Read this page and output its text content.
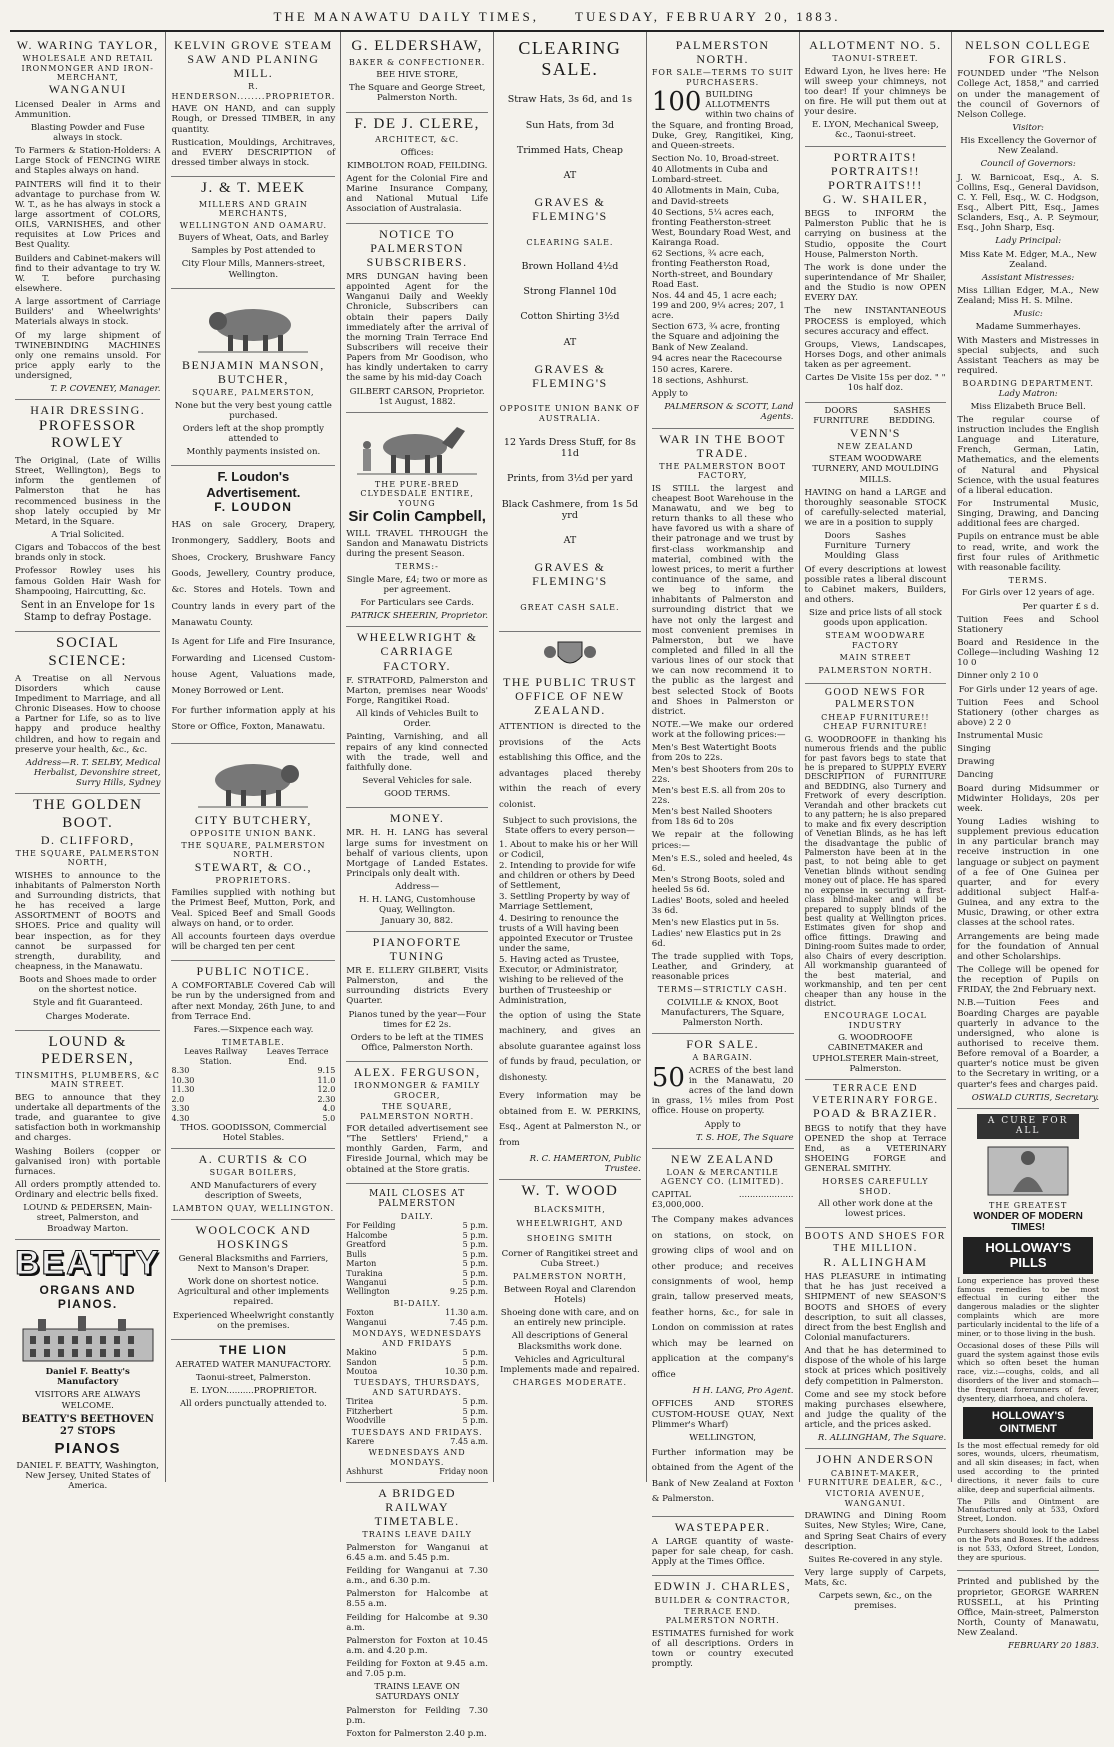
THE MANAWATU DAILY TIMES,	TUESDAY, FEBRUARY 20, 1883.
W. WARING TAYLOR,
WHOLESALE AND RETAIL IRONMONGER AND IRON-MERCHANT,
WANGANUI

Licensed Dealer in Arms and Ammunition.

Blasting Powder and Fuse always in stock.

To Farmers & Station-Holders: A Large Stock of FENCING WIRE and Staples always on hand.

PAINTERS will find it to their advantage to purchase from W. W. T., as he has always in stock a large assortment of COLORS, OILS, VARNISHES, and other requisites at Low Prices and Best Quality.

Builders and Cabinet-makers will find to their advantage to try W. W. T. before purchasing elsewhere.

A large assortment of Carriage Builders' and Wheelwrights' Materials always in stock.

Of my large shipment of TWINEBINDING MACHINES only one remains unsold. For price apply early to the undersigned,

T. P. COVENEY, Manager.
HAIR DRESSING.
PROFESSOR ROWLEY

The Original, (Late of Willis Street, Wellington), Begs to inform the gentlemen of Palmerston that he has recommenced business in the shop lately occupied by Mr Metard, in the Square.

A Trial Solicited.

Cigars and Tobaccos of the best brands only in stock.

Professor Rowley uses his famous Golden Hair Wash for Shampooing, Haircutting, &c.

Sent in an Envelope for 1s Stamp to defray Postage.

SOCIAL SCIENCE:

A Treatise on all Nervous Disorders which cause Impediment to Marriage, and all Chronic Diseases. How to choose a Partner for Life, so as to live happy and produce healthy children, and how to regain and preserve your health, &c., &c.

Address—R. T. SELBY, Medical Herbalist, Devonshire street, Surry Hills, Sydney
THE GOLDEN BOOT.
D. CLIFFORD,
THE SQUARE, PALMERSTON NORTH,

WISHES to announce to the inhabitants of Palmerston North and Surrounding districts, that he has received a large ASSORTMENT of BOOTS and SHOES. Price and quality will bear inspection, as for they cannot be surpassed for strength, durability, and cheapness, in the Manawatu.

Boots and Shoes made to order on the shortest notice.

Style and fit Guaranteed.

Charges Moderate.

LOUND & PEDERSEN,
TINSMITHS, PLUMBERS, &C MAIN STREET.

BEG to announce that they undertake all departments of the trade, and guarantee to give satisfaction both in workmanship and charges.

Washing Boilers (copper or galvanised iron) with portable furnaces.

All orders promptly attended to. Ordinary and electric bells fixed.

LOUND & PEDERSEN, Main-street, Palmerston, and Broadway Marton.
BEATTY
ORGANS AND PIANOS.

Daniel F. Beatty's Manufactory

VISITORS ARE ALWAYS WELCOME.

BEATTY'S BEETHOVEN 27 STOPS

PIANOS

DANIEL F. BEATTY, Washington, New Jersey, United States of America.

KELVIN GROVE STEAM SAW AND PLANING MILL.
R. HENDERSON........PROPRIETOR.

HAVE ON HAND, and can supply Rough, or Dressed TIMBER, in any quantity.

Rustication, Mouldings, Architraves, and EVERY DESCRIPTION of dressed timber always in stock.

J. & T. MEEK
MILLERS AND GRAIN MERCHANTS,
WELLINGTON AND OAMARU.

Buyers of Wheat, Oats, and Barley

Samples by Post attended to

City Flour Mills, Manners-street, Wellington.

BENJAMIN MANSON,
BUTCHER,
SQUARE, PALMERSTON,

None but the very best young cattle purchased.

Orders left at the shop promptly attended to

Monthly payments insisted on.

F. Loudon's Advertisement.
F. LOUDON

HAS on sale Grocery, Drapery, Ironmongery, Saddlery, Boots and Shoes, Crockery, Brushware Fancy Goods, Jewellery, Country produce, &c. Stores and Hotels. Town and Country lands in every part of the Manawatu County.

Is Agent for Life and Fire Insurance, Forwarding and Licensed Custom-house Agent, Valuations made, Money Borrowed or Lent.

For further information apply at his Store or Office, Foxton, Manawatu.

CITY BUTCHERY,
OPPOSITE UNION BANK.
THE SQUARE, PALMERSTON NORTH.
STEWART, & CO.,
PROPRIETORS.

Families supplied with nothing but the Primest Beef, Mutton, Pork, and Veal. Spiced Beef and Small Goods always on hand, or to order.

All accounts fourteen days overdue will be charged ten per cent

PUBLIC NOTICE.

A COMFORTABLE Covered Cab will be run by the undersigned from and after next Monday, 26th June, to and from Terrace End.

Fares.—Sixpence each way.

TIMETABLE.
Leaves Railway Station.
Leaves Terrace End.
8.30	9.15
10.30	11.0
11.30	12.0
2.0	2.30
3.30	4.0
4.30	5.0
THOS. GOODISSON, Commercial Hotel Stables.
A. CURTIS & CO
SUGAR BOILERS,

AND Manufacturers of every description of Sweets,

LAMBTON QUAY, WELLINGTON.
WOOLCOCK AND HOSKINGS

General Blacksmiths and Farriers, Next to Manson's Draper.

Work done on shortest notice. Agricultural and other implements repaired.

Experienced Wheelwright constantly on the premises.

THE LION

AERATED WATER MANUFACTORY.

Taonui-street, Palmerston.

E. LYON..........PROPRIETOR.

All orders punctually attended to.

G. ELDERSHAW,
BAKER & CONFECTIONER.

BEE HIVE STORE,

The Square and George Street, Palmerston North.

F. DE J. CLERE,
ARCHITECT, &C.

Offices:

KIMBOLTON ROAD, FEILDING.

Agent for the Colonial Fire and Marine Insurance Company, and National Mutual Life Association of Australasia.

NOTICE TO PALMERSTON SUBSCRIBERS.

MRS DUNGAN having been appointed Agent for the Wanganui Daily and Weekly Chronicle, Subscribers can obtain their papers Daily immediately after the arrival of the morning Train Terrace End Subscribers will receive their Papers from Mr Goodison, who has kindly undertaken to carry the same by his mid-day Coach

GILBERT CARSON, Proprietor.
1st August, 1882.
THE PURE-BRED CLYDESDALE ENTIRE, YOUNG
Sir Colin Campbell,

WILL TRAVEL THROUGH the Sandon and Manawatu Districts during the present Season.

TERMS:-

Single Mare, £4; two or more as per agreement.

For Particulars see Cards.

PATRICK SHEERIN, Proprietor.
WHEELWRIGHT & CARRIAGE FACTORY.

F. STRATFORD, Palmerston and Marton, premises near Woods' Forge, Rangitikei Road.

All kinds of Vehicles Built to Order.

Painting, Varnishing, and all repairs of any kind connected with the trade, well and faithfully done.

Several Vehicles for sale.

GOOD TERMS.

MONEY.

MR. H. H. LANG has several large sums for investment on behalf of various clients, upon Mortgage of Landed Estates. Principals only dealt with.

Address—

H. H. LANG, Customhouse Quay, Wellington.
January 30, 882.
PIANOFORTE TUNING

MR E. ELLERY GILBERT, Visits Palmerston, and the surrounding districts Every Quarter.

Pianos tuned by the year—Four times for £2 2s.

Orders to be left at the TIMES Office, Palmerston North.

ALEX. FERGUSON,
IRONMONGER & FAMILY GROCER,
THE SQUARE, PALMERSTON NORTH.

FOR detailed advertisement see "The Settlers' Friend," a monthly Garden, Farm, and Fireside Journal, which may be obtained at the Store gratis.

MAIL CLOSES AT PALMERSTON
DAILY.
For Feilding	5 p.m.
Halcombe	5 p.m.
Greatford	5 p.m.
Bulls	5 p.m.
Marton	5 p.m.
Turakina	5 p.m.
Wanganui	5 p.m.
Wellington	9.25 p.m.
BI-DAILY.
Foxton	11.30 a.m.
Wanganui	7.45 p.m.
MONDAYS, WEDNESDAYS AND FRIDAYS
Makino	5 p.m.
Sandon	5 p.m.
Moutoa	10.30 p.m.
TUESDAYS, THURSDAYS, AND SATURDAYS.
Tiritea	5 p.m.
Fitzherbert	5 p.m.
Woodville	5 p.m.
TUESDAYS AND FRIDAYS.
Karere	7.45 a.m.
WEDNESDAYS AND MONDAYS.
Ashhurst	Friday noon
A BRIDGED RAILWAY TIMETABLE.
TRAINS LEAVE DAILY

Palmerston for Wanganui at 6.45 a.m. and 5.45 p.m.

Feilding for Wanganui at 7.30 a.m., and 6.30 p.m.

Palmerston for Halcombe at 8.55 a.m.

Feilding for Halcombe at 9.30 a.m.

Palmerston for Foxton at 10.45 a.m. and 4.20 p.m.

Feilding for Foxton at 9.45 a.m. and 7.05 p.m.

TRAINS LEAVE ON SATURDAYS ONLY

Palmerston for Feilding 7.30 p.m.

Foxton for Palmerston 2.40 p.m.

CLEARING SALE.

Straw Hats, 3s 6d, and 1s

Sun Hats, from 3d

Trimmed Hats, Cheap

AT

GRAVES & FLEMING'S

CLEARING SALE.

Brown Holland 4½d

Strong Flannel 10d

Cotton Shirting 3½d

AT

GRAVES & FLEMING'S

OPPOSITE UNION BANK OF AUSTRALIA.

12 Yards Dress Stuff, for 8s 11d

Prints, from 3½d per yard

Black Cashmere, from 1s 5d yrd

AT

GRAVES & FLEMING'S

GREAT CASH SALE.

THE PUBLIC TRUST OFFICE OF NEW ZEALAND.

ATTENTION is directed to the provisions of the Acts establishing this Office, and the advantages placed thereby within the reach of every colonist.

Subject to such provisions, the State offers to every person—

1. About to make his or her Will or Codicil,
2. Intending to provide for wife and children or others by Deed of Settlement,
3. Settling Property by way of Marriage Settlement,
4. Desiring to renounce the trusts of a Will having been appointed Executor or Trustee under the same,
5. Having acted as Trustee, Executor, or Administrator, wishing to be relieved of the burthen of Trusteeship or Administration,

the option of using the State machinery, and gives an absolute guarantee against loss of funds by fraud, peculation, or dishonesty.

Every information may be obtained from E. W. PERKINS, Esq., Agent at Palmerston N., or from

R. C. HAMERTON, Public Trustee.
W. T. WOOD
BLACKSMITH, WHEELWRIGHT, AND SHOEING SMITH

Corner of Rangitikei street and Cuba Street.)

PALMERSTON NORTH,

Between Royal and Clarendon Hotels)

Shoeing done with care, and on an entirely new principle.

All descriptions of General Blacksmiths work done.

Vehicles and Agricultural Implements made and repaired.

CHARGES MODERATE.

PALMERSTON NORTH.
FOR SALE—TERMS TO SUIT PURCHASERS.

100 BUILDING ALLOTMENTS within two chains of the Square, and fronting Broad, Duke, Grey, Rangitikei, King, and Queen-streets.

Section No. 10, Broad-street.
40 Allotments in Cuba and Lombard-street.
40 Allotments in Main, Cuba, and David-streets
40 Sections, 5¼ acres each, fronting Featherston-street West, Boundary Road West, and Kairanga Road.
62 Sections, ¾ acre each, fronting Featherston Road, North-street, and Boundary Road East.
Nos. 44 and 45, 1 acre each; 199 and 200, 9¼ acres; 207, 1 acre.
Section 673, ¾ acre, fronting the Square and adjoining the Bank of New Zealand.
94 acres near the Racecourse
150 acres, Karere.
18 sections, Ashhurst.

Apply to

PALMERSON & SCOTT, Land Agents.
WAR IN THE BOOT TRADE.
THE PALMERSTON BOOT FACTORY,

IS STILL the largest and cheapest Boot Warehouse in the Manawatu, and we beg to return thanks to all these who have favored us with a share of their patronage and we trust by first-class workmanship and material, combined with the lowest prices, to merit a further continuance of the same, and we beg to inform the inhabitants of Palmerston and surrounding district that we have not only the largest and most convenient premises in Palmerston, but we have completed and filled in all the various lines of our stock that we can now recommend it to the public as the largest and best selected Stock of Boots and Shoes in Palmerston or district.

NOTE.—We make our ordered work at the following prices:—

Men's Best Watertight Boots from 20s to 22s.
Men's best Shooters from 20s to 22s.
Men's best E.S. all from 20s to 22s.
Men's best Nailed Shooters from 18s 6d to 20s

We repair at the following prices:—

Men's E.S., soled and heeled, 4s 6d.
Men's Strong Boots, soled and heeled 5s 6d.
Ladies' Boots, soled and heeled 3s 6d.
Men's new Elastics put in 5s.
Ladies' new Elastics put in 2s 6d.

The trade supplied with Tops, Leather, and Grindery, at reasonable prices

TERMS—STRICTLY CASH.

COLVILLE & KNOX, Boot Manufacturers, The Square, Palmerston North.
FOR SALE.
A BARGAIN.

50 ACRES of the best land in the Manawatu, 20 acres of the land down in grass, 1½ miles from Post office. House on property.

Apply to

T. S. HOE, The Square
NEW ZEALAND
LOAN & MERCANTILE AGENCY CO. (LIMITED).

CAPITAL .................... £3,000,000.

The Company makes advances on stations, on stock, on growing clips of wool and on other produce; and receives consignments of wool, hemp grain, tallow preserved meats, feather horns, &c., for sale in London on commission at rates which may be learned on application at the company's office

H H. LANG, Pro Agent.

OFFICES AND STORES CUSTOM-HOUSE QUAY, Next Plimmer's Wharf)

WELLINGTON,

Further information may be obtained from the Agent of the Bank of New Zealand at Foxton & Palmerston.

WASTEPAPER.

A LARGE quantity of waste-paper for sale cheap, for cash. Apply at the Times Office.

EDWIN J. CHARLES,
BUILDER & CONTRACTOR,
TERRACE END. PALMERSTON NORTH.

ESTIMATES furnished for work of all descriptions. Orders in town or country executed promptly.

ALLOTMENT NO. 5.
TAONUI-STREET.

Edward Lyon, he lives here: He will sweep your chimneys, not too dear! If your chimneys be on fire. He will put them out at your desire.

E. LYON, Mechanical Sweep, &c., Taonui-street.
PORTRAITS! PORTRAITS!!
PORTRAITS!!!
G. W. SHAILER,

BEGS to INFORM the Palmerston Public that he is carrying on business at the Studio, opposite the Court House, Palmerston North.

The work is done under the superintendance of Mr Shailer, and the Studio is now OPEN EVERY DAY.

The new INSTANTANEOUS PROCESS is employed, which secures accuracy and effect.

Groups, Views, Landscapes, Horses Dogs, and other animals taken as per agreement.

Cartes De Visite 15s per doz. " " 10s half doz.

DOORS FURNITURE
SASHES BEDDING.
VENN'S
NEW ZEALAND

STEAM WOODWARE TURNERY, AND MOULDING MILLS.

HAVING on hand a LARGE and thoroughly seasonable STOCK of carefully-selected material, we are in a position to supply

Doors	Sashes
Furniture	Turnery
Moulding	Glass

Of every descriptions at lowest possible rates a liberal discount to Cabinet makers, Builders, and others.

Size and price lists of all stock goods upon application.

STEAM WOODWARE FACTORY

MAIN STREET

PALMERSTON NORTH.

GOOD NEWS FOR PALMERSTON
CHEAP FURNITURE!! CHEAP FURNITURE!

G. WOODROOFE in thanking his numerous friends and the public for past favors begs to state that he is prepared to SUPPLY EVERY DESCRIPTION of FURNITURE and BEDDING, also Turnery and Fretwork of every description. Verandah and other brackets cut to any pattern; he is also prepared to make and fix every description of Venetian Blinds, as he has left the disadvantage the public of Palmerston have been at in the past, to not being able to get Venetian blinds without sending money out of place. He has spared no expense in securing a first-class blind-maker and will be prepared to supply blinds of the best quality at Wellington prices. Estimates given for shop and office fittings. Drawing and Dining-room Suites made to order, also Chairs of every description. All workmanship guaranteed of the best material, and workmanship, and ten per cent cheaper than any house in the district.

ENCOURAGE LOCAL INDUSTRY

G. WOODROOFE CABINETMAKER and UPHOLSTERER Main-street, Palmerston.
TERRACE END VETERINARY FORGE.
POAD & BRAZIER.

BEGS to notify that they have OPENED the shop at Terrace End, as a VETERINARY SHOEING FORGE and GENERAL SMITHY.

HORSES CAREFULLY SHOD.

All other work done at the lowest prices.

BOOTS AND SHOES FOR THE MILLION.
R. ALLINGHAM

HAS PLEASURE in intimating that he has just received a SHIPMENT of new SEASON'S BOOTS and SHOES of every description, to suit all classes, direct from the best English and Colonial manufacturers.

And that he has determined to dispose of the whole of his large stock at prices which positively defy competition in Palmerston.

Come and see my stock before making purchases elsewhere, and judge the quality of the article, and the prices asked.

R. ALLINGHAM, The Square.
JOHN ANDERSON
CABINET-MAKER, FURNITURE DEALER, &C.,
VICTORIA AVENUE, WANGANUI.

DRAWING and Dining Room Suites, New Styles; Wire, Cane, and Spring Seat Chairs of every description.

Suites Re-covered in any style.

Very large supply of Carpets, Mats, &c.

Carpets sewn, &c., on the premises.

NELSON COLLEGE FOR GIRLS.

FOUNDED under "The Nelson College Act, 1858," and carried on under the management of the council of Governors of Nelson College.

Visitor:

His Excellency the Governor of New Zealand.

Council of Governors:

J. W. Barnicoat, Esq., A. S. Collins, Esq., General Davidson, C. Y. Fell, Esq., W. C. Hodgson, Esq., Albert Pitt, Esq., James Sclanders, Esq., A. P. Seymour, Esq., John Sharp, Esq.

Lady Principal:

Miss Kate M. Edger, M.A., New Zealand.

Assistant Mistresses:

Miss Lillian Edger, M.A., New Zealand; Miss H. S. Milne.

Music:

Madame Summerhayes.

With Masters and Mistresses in special subjects, and such Assistant Teachers as may be required.

BOARDING DEPARTMENT.
Lady Matron:

Miss Elizabeth Bruce Bell.

The regular course of instruction includes the English Language and Literature, French, German, Latin, Mathematics, and the elements of Natural and Physical Science, with the usual features of a liberal education.

For Instrumental Music, Singing, Drawing, and Dancing additional fees are charged.

Pupils on entrance must be able to read, write, and work the first four rules of Arithmetic with reasonable facility.

TERMS.

For Girls over 12 years of age.

Per quarter £ s d.

Tuition Fees and School Stationery

Board and Residence in the College—including Washing 12 10 0

Dinner only 2 10 0

For Girls under 12 years of age.

Tuition Fees and School Stationery (other charges as above) 2 2 0

Instrumental Music

Singing

Drawing

Dancing

Board during Midsummer or Midwinter Holidays, 20s per week.

Young Ladies wishing to supplement previous education in any particular branch may receive instruction in one language or subject on payment of a fee of One Guinea per quarter, and for every additional subject Half-a-Guinea, and any extra to the Music, Drawing, or other extra classes at the school rates.

Arrangements are being made for the foundation of Annual and other Scholarships.

The College will be opened for the reception of Pupils on FRIDAY, the 2nd February next.

N.B.—Tuition Fees and Boarding Charges are payable quarterly in advance to the undersigned, who alone is authorised to receive them. Before removal of a Boarder, a quarter's notice must be given to the Secretary in writing, or a quarter's fees and charges paid.

OSWALD CURTIS, Secretary.
A CURE FOR ALL
THE GREATEST
WONDER OF MODERN TIMES!
HOLLOWAY'S PILLS

Long experience has proved these famous remedies to be most effectual in curing either the dangerous maladies or the slighter complaints which are more particularly incidental to the life of a miner, or to those living in the bush.

Occasional doses of these Pills will guard the system against those evils which so often beset the human race, viz.:—coughs, colds, and all disorders of the liver and stomach—the frequent forerunners of fever, dysentery, diarrhoea, and cholera.

HOLLOWAY'S OINTMENT

Is the most effectual remedy for old sores, wounds, ulcers, rheumatism, and all skin diseases; in fact, when used according to the printed directions, it never fails to cure alike, deep and superficial ailments.

The Pills and Ointment are Manufactured only at 533, Oxford Street, London.

Purchasers should look to the Label on the Pots and Boxes. If the address is not 533, Oxford Street, London, they are spurious.

Printed and published by the proprietor, GEORGE WARREN RUSSELL, at his Printing Office, Main-street, Palmerston North, County of Manawatu, New Zealand.

FEBRUARY 20 1883.
